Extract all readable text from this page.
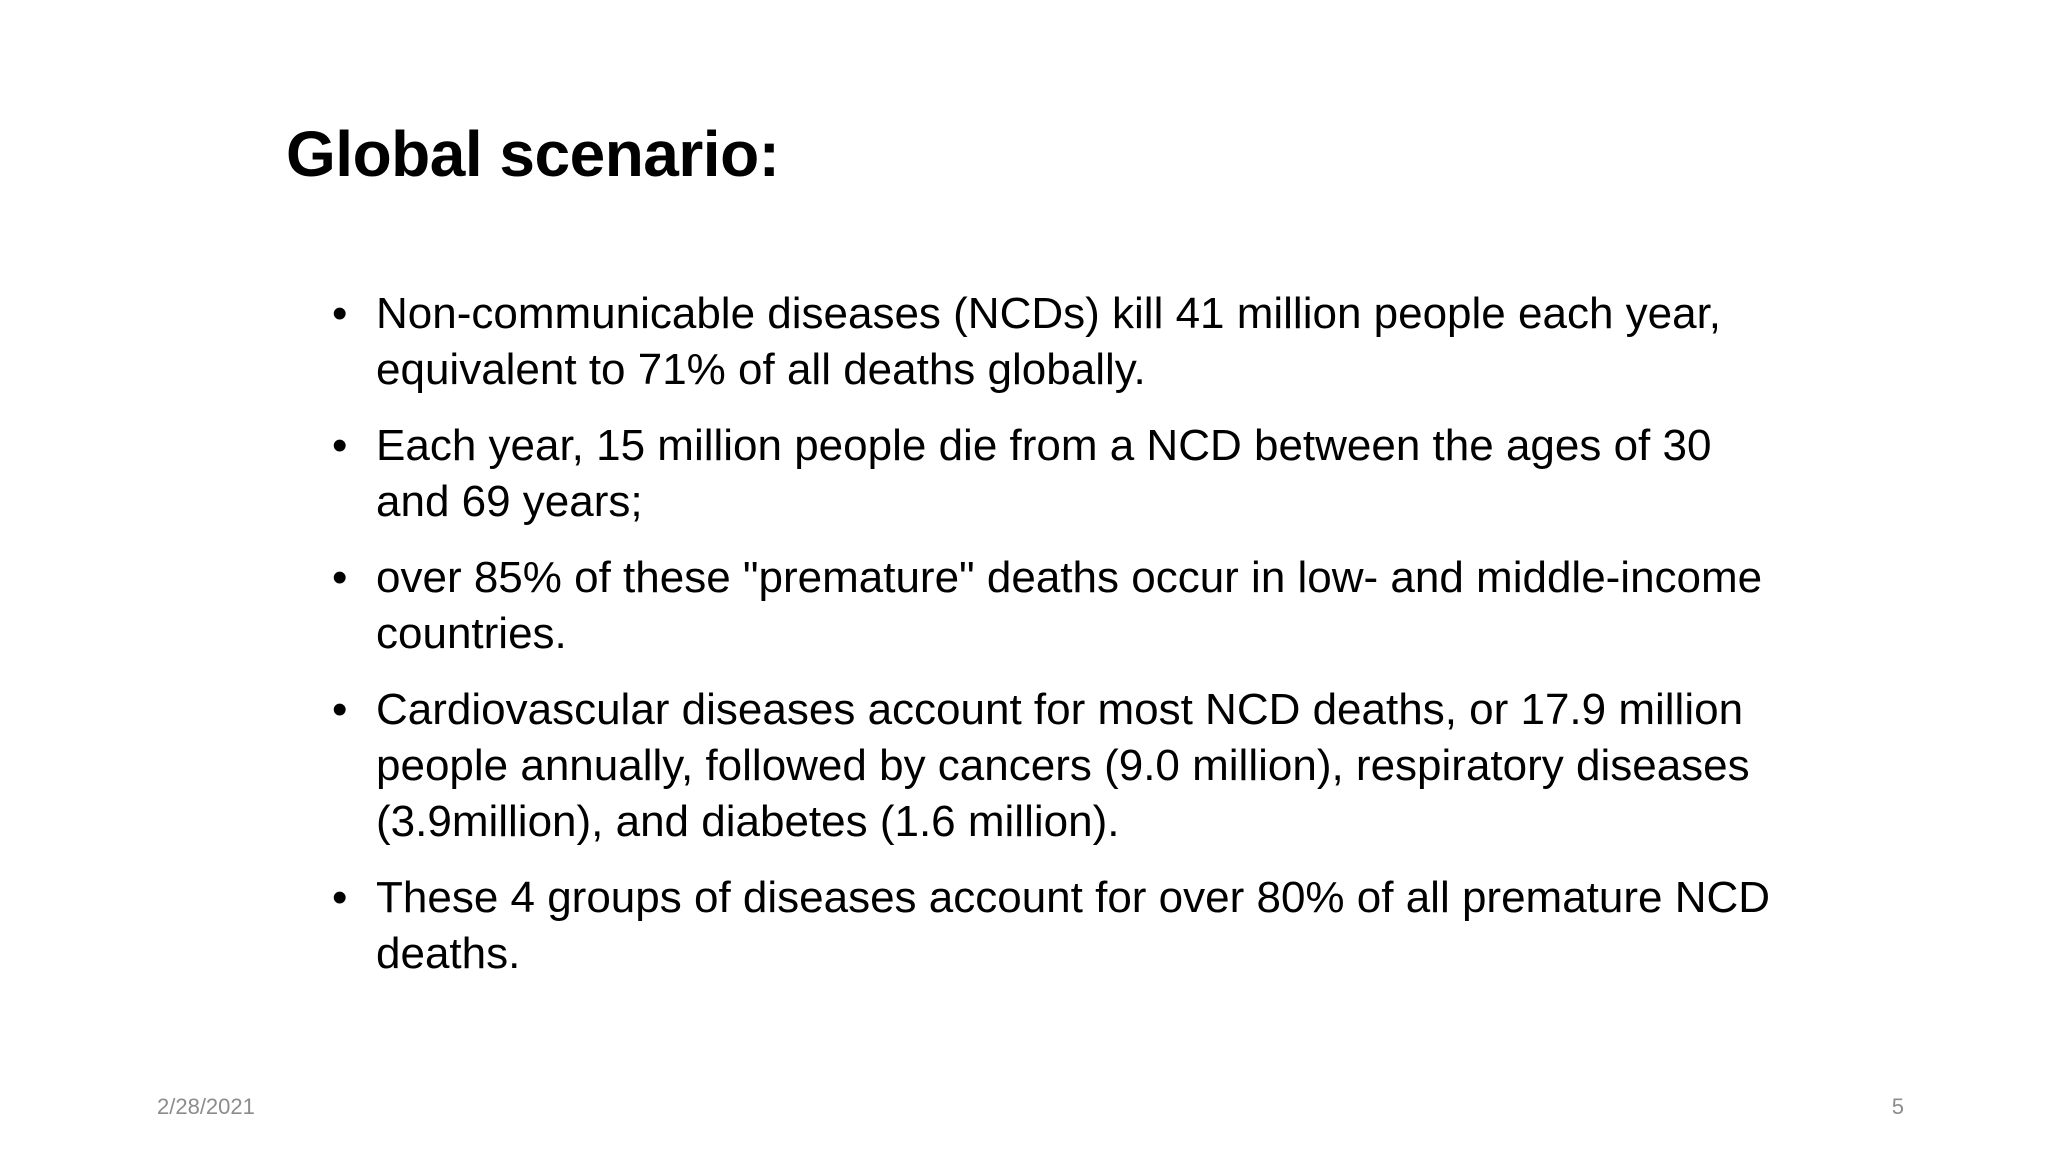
Global scenario:
• Non-communicable diseases (NCDs) kill 41 million people each year, equivalent to 71% of all deaths globally.
• Each year, 15 million people die from a NCD between the ages of 30 and 69 years;
• over 85% of these "premature" deaths occur in low- and middle-income countries.
• Cardiovascular diseases account for most NCD deaths, or 17.9 million people annually, followed by cancers (9.0 million), respiratory diseases (3.9million), and diabetes (1.6 million).
• These 4 groups of diseases account for over 80% of all premature NCD deaths.
2/28/2021	5
